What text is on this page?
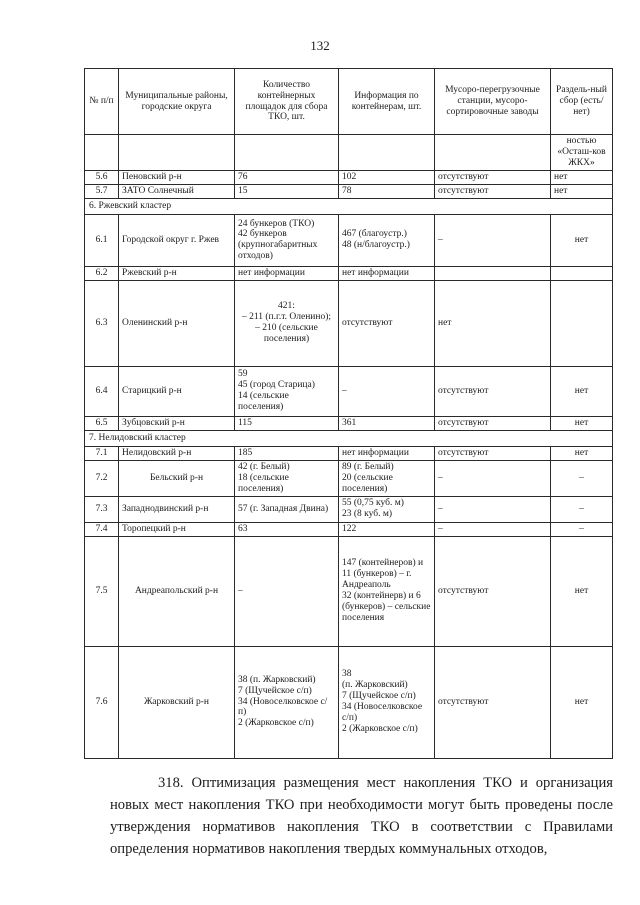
132
№ п/п	Муниципальные районы, городские округа	Количество контейнерных площадок для сбора ТКО, шт.	Информация по контейнерам, шт.	Мусоро-перегрузочные станции, мусоро-сортировочные заводы	Раздель-ный сбор (есть/ нет)
					ностью «Осташ-ков ЖКХ»
5.6	Пеновский р-н	76	102	отсутствуют	нет
5.7	ЗАТО Солнечный	15	78	отсутствуют	нет
6. Ржевский кластер					
6.1	Городской округ г. Ржев	24 бункеров (ТКО)
42 бункеров (крупногабаритных отходов)	467 (благоустр.)
48 (н/благоустр.)	–	нет
6.2	Ржевский р-н	нет информации	нет информации		
6.3	Оленинский р-н	421:
– 211 (п.г.т. Оленино);
– 210 (сельские поселения)	отсутствуют	нет	
6.4	Старицкий р-н	59
45 (город Старица)
14 (сельские поселения)	–	отсутствуют	нет
6.5	Зубцовский р-н	115	361	отсутствуют	нет
7. Нелидовский кластер					
7.1	Нелидовский р-н	185	нет информации	отсутствуют	нет
7.2	Бельский р-н	42 (г. Белый)
18 (сельские поселения)	89 (г. Белый)
20 (сельские поселения)	–	–
7.3	Западнодвинский р-н	57 (г. Западная Двина)	55 (0,75 куб. м)
23 (8 куб. м)	–	–
7.4	Торопецкий р-н	63	122	–	–
7.5	Андреапольский р-н	–	147 (контейнеров) и 11 (бункеров) – г. Андреаполь
32 (контейнерв) и 6 (бункеров) – сельские поселения	отсутствуют	нет
7.6	Жарковский р-н	38 (п. Жарковский)
7 (Щучейское с/п)
34 (Новоселковское с/п)
2 (Жарковское с/п)	38
(п. Жарковский)
7 (Щучейское с/п)
34 (Новоселковское с/п)
2 (Жарковское с/п)	отсутствуют	нет

318. Оптимизация размещения мест накопления ТКО и организация новых мест накопления ТКО при необходимости могут быть проведены после утверждения нормативов накопления ТКО в соответствии с Правилами определения нормативов накопления твердых коммунальных отходов,
